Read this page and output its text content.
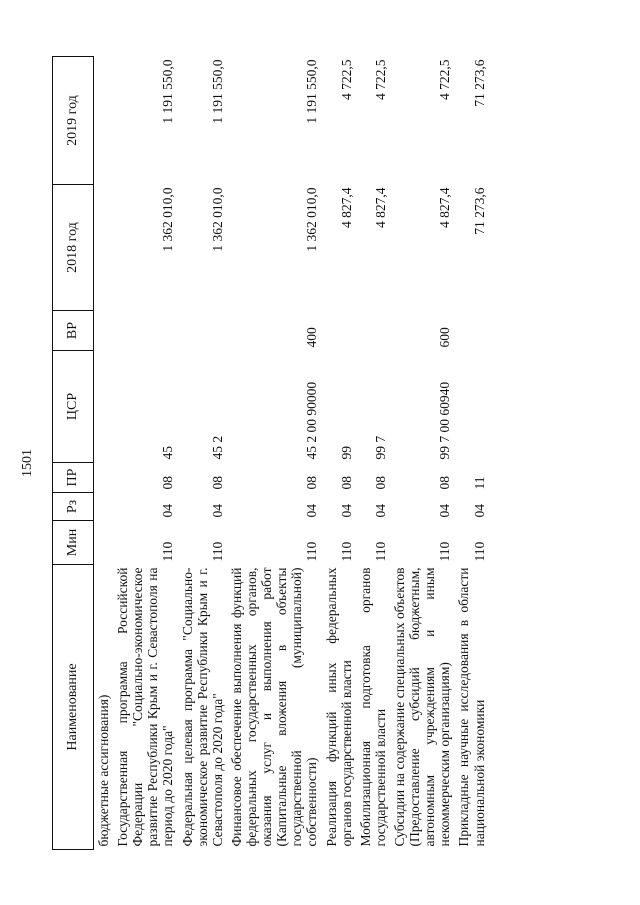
1501
Наименование	Мин	Рз	ПР	ЦСР	ВР	2018 год	2019 год
бюджетные ассигнования)							
Государственная программа Российской Федерации "Социально-экономическое развитие Республики Крым и г. Севастополя на период до 2020 года"	110	04	08	45		1 362 010,0	1 191 550,0
Федеральная целевая программа "Социально-экономическое развитие Республики Крым и г. Севастополя до 2020 года"	110	04	08	45 2		1 362 010,0	1 191 550,0
Финансовое обеспечение выполнения функций федеральных государственных органов, оказания услуг и выполнения работ (Капитальные вложения в объекты государственной (муниципальной) собственности)	110	04	08	45 2 00 90000	400	1 362 010,0	1 191 550,0
Реализация функций иных федеральных органов государственной власти	110	04	08	99		4 827,4	4 722,5
Мобилизационная подготовка органов государственной власти	110	04	08	99 7		4 827,4	4 722,5
Субсидии на содержание специальных объектов (Предоставление субсидий бюджетным, автономным учреждениям и иным некоммерческим организациям)	110	04	08	99 7 00 60940	600	4 827,4	4 722,5
Прикладные научные исследования в области национальной экономики	110	04	11			71 273,6	71 273,6
